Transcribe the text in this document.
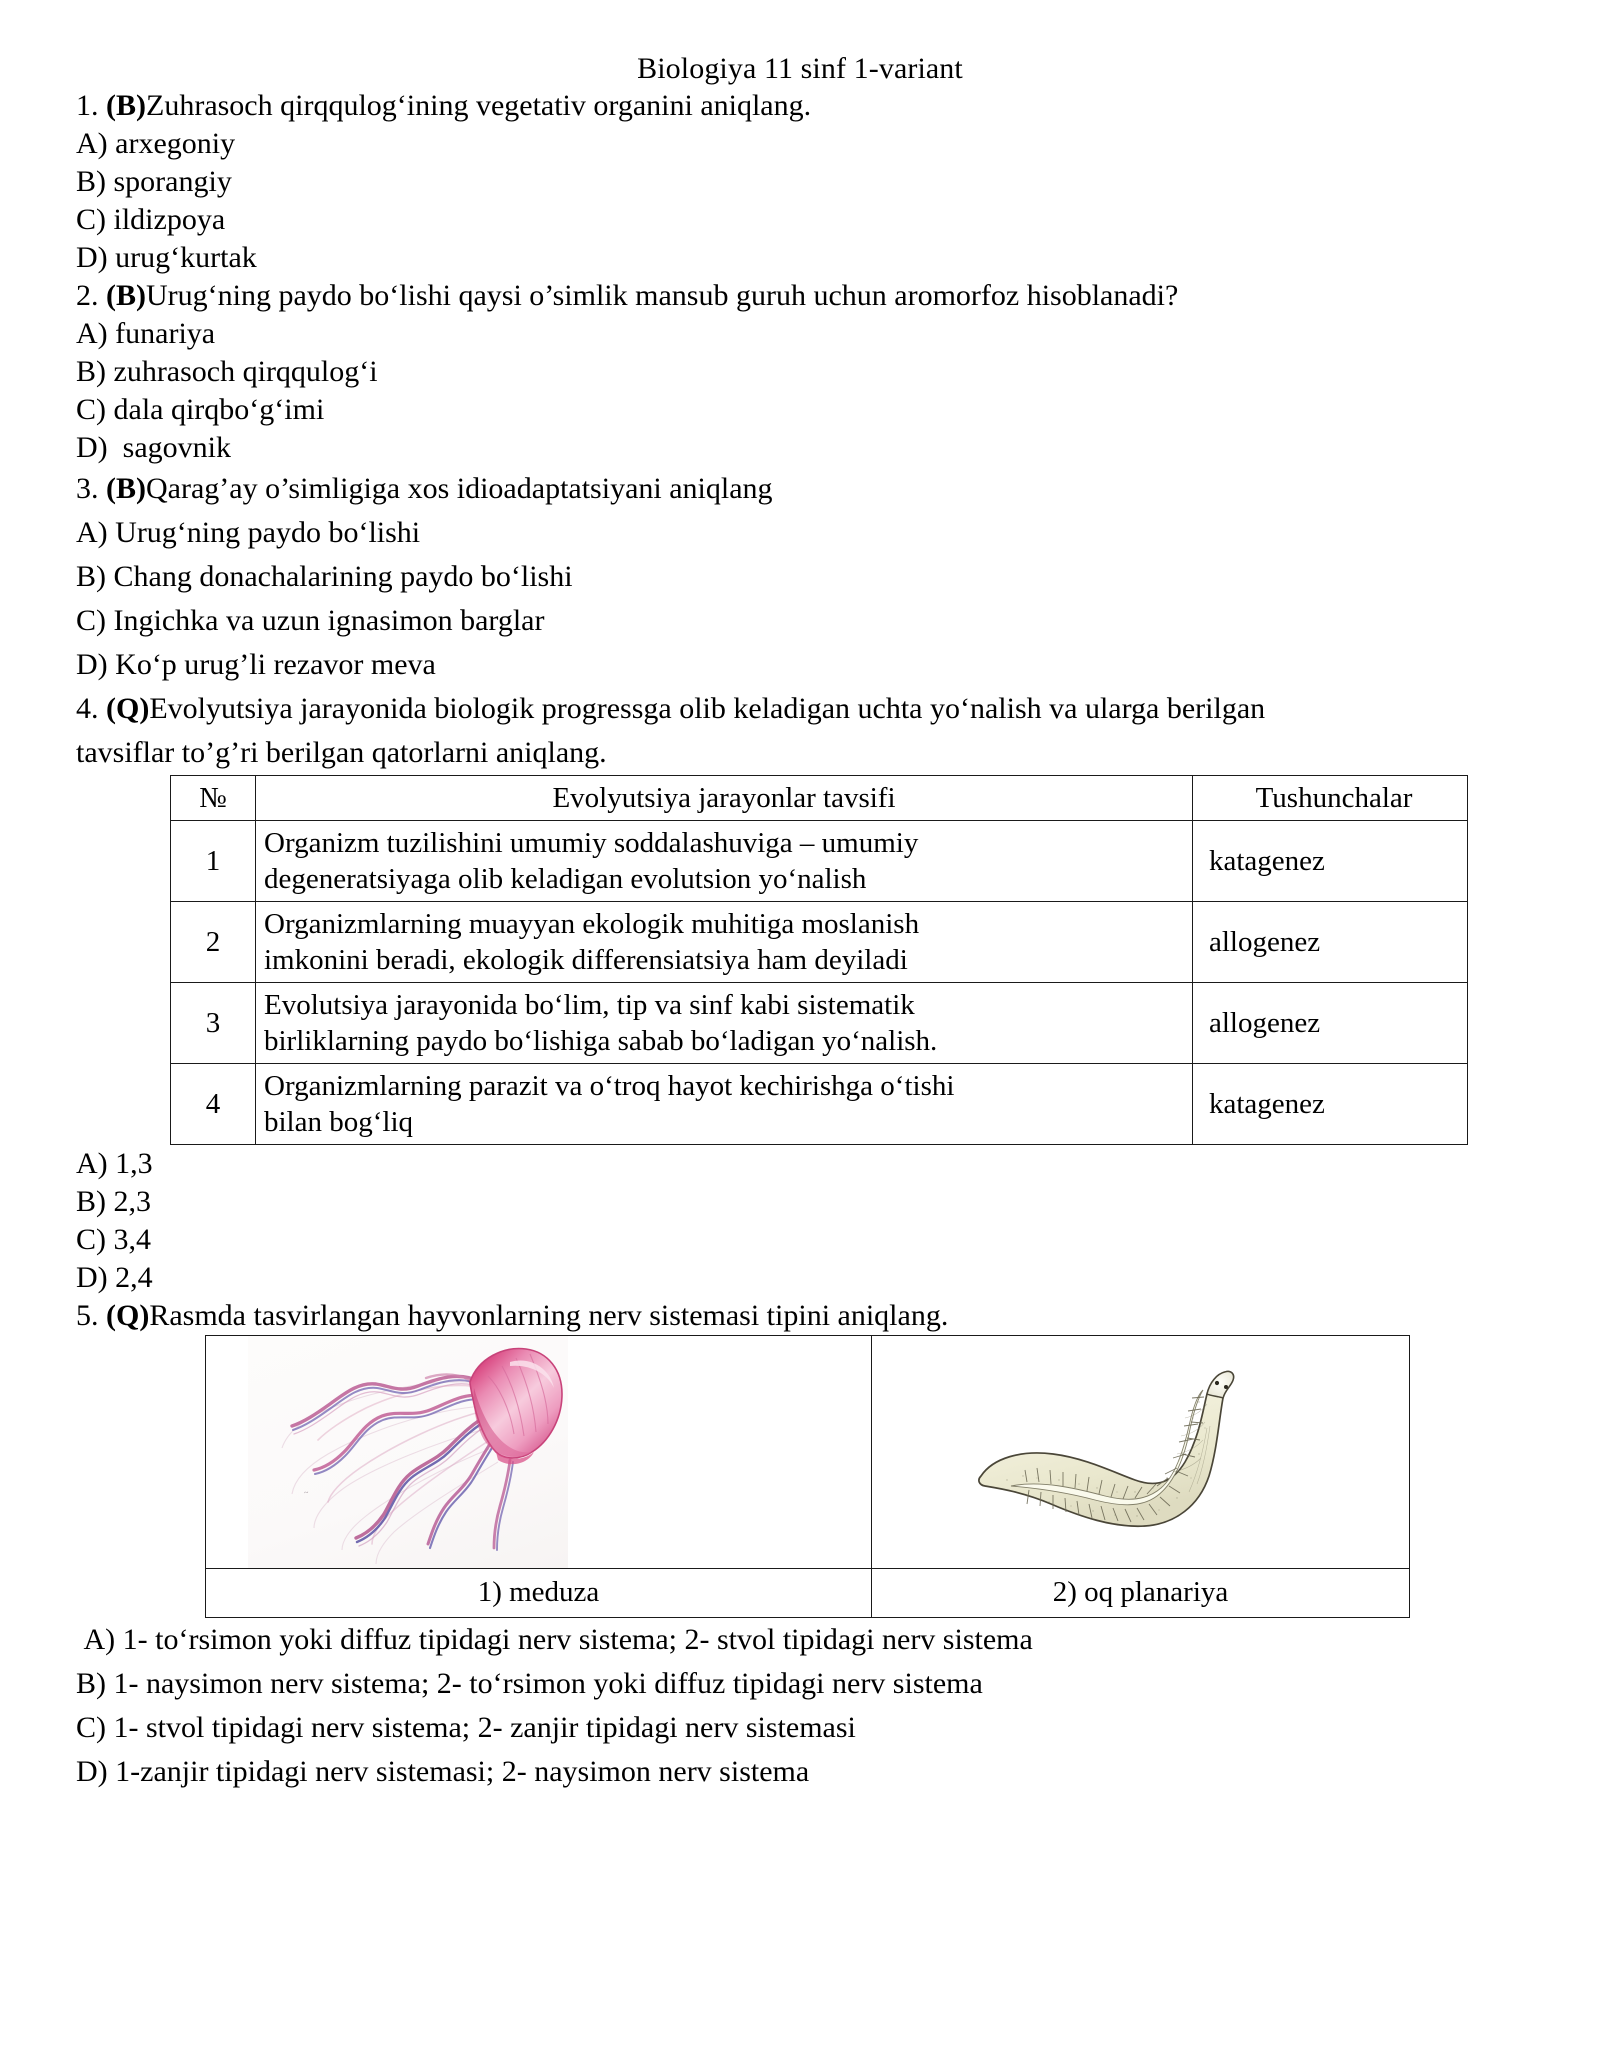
Biologiya 11 sinf 1-variant
1. (B)Zuhrasoch qirqqulog‘ining vegetativ organini aniqlang.
A) arxegoniy
B) sporangiy
C) ildizpoya
D) urug‘kurtak
2. (B)Urug‘ning paydo bo‘lishi qaysi o’simlik mansub guruh uchun aromorfoz hisoblanadi?
A) funariya
B) zuhrasoch qirqqulog‘i
C) dala qirqbo‘g‘imi
D)  sagovnik
3. (B)Qarag’ay o’simligiga xos idioadaptatsiyani aniqlang
A) Urug‘ning paydo bo‘lishi
B) Chang donachalarining paydo bo‘lishi
C) Ingichka va uzun ignasimon barglar
D) Ko‘p urug’li rezavor meva
4. (Q)Evolyutsiya jarayonida biologik progressga olib keladigan uchta yo‘nalish va ularga berilgan
tavsiflar to’g’ri berilgan qatorlarni aniqlang.
№	Evolyutsiya jarayonlar tavsifi	Tushunchalar
1	Organizm tuzilishini umumiy soddalashuviga – umumiy
degeneratsiyaga olib keladigan evolutsion yo‘nalish	katagenez
2	Organizmlarning muayyan ekologik muhitiga moslanish
imkonini beradi, ekologik differensiatsiya ham deyiladi	allogenez
3	Evolutsiya jarayonida bo‘lim, tip va sinf kabi sistematik
birliklarning paydo bo‘lishiga sabab bo‘ladigan yo‘nalish.	allogenez
4	Organizmlarning parazit va o‘troq hayot kechirishga o‘tishi
bilan bog‘liq	katagenez
A) 1,3
B) 2,3
C) 3,4
D) 2,4
5. (Q)Rasmda tasvirlangan hayvonlarning nerv sistemasi tipini aniqlang.
~

1) meduza	2) oq planariya
A) 1- to‘rsimon yoki diffuz tipidagi nerv sistema; 2- stvol tipidagi nerv sistema
B) 1- naysimon nerv sistema; 2- to‘rsimon yoki diffuz tipidagi nerv sistema
C) 1- stvol tipidagi nerv sistema; 2- zanjir tipidagi nerv sistemasi
D) 1-zanjir tipidagi nerv sistemasi; 2- naysimon nerv sistema
